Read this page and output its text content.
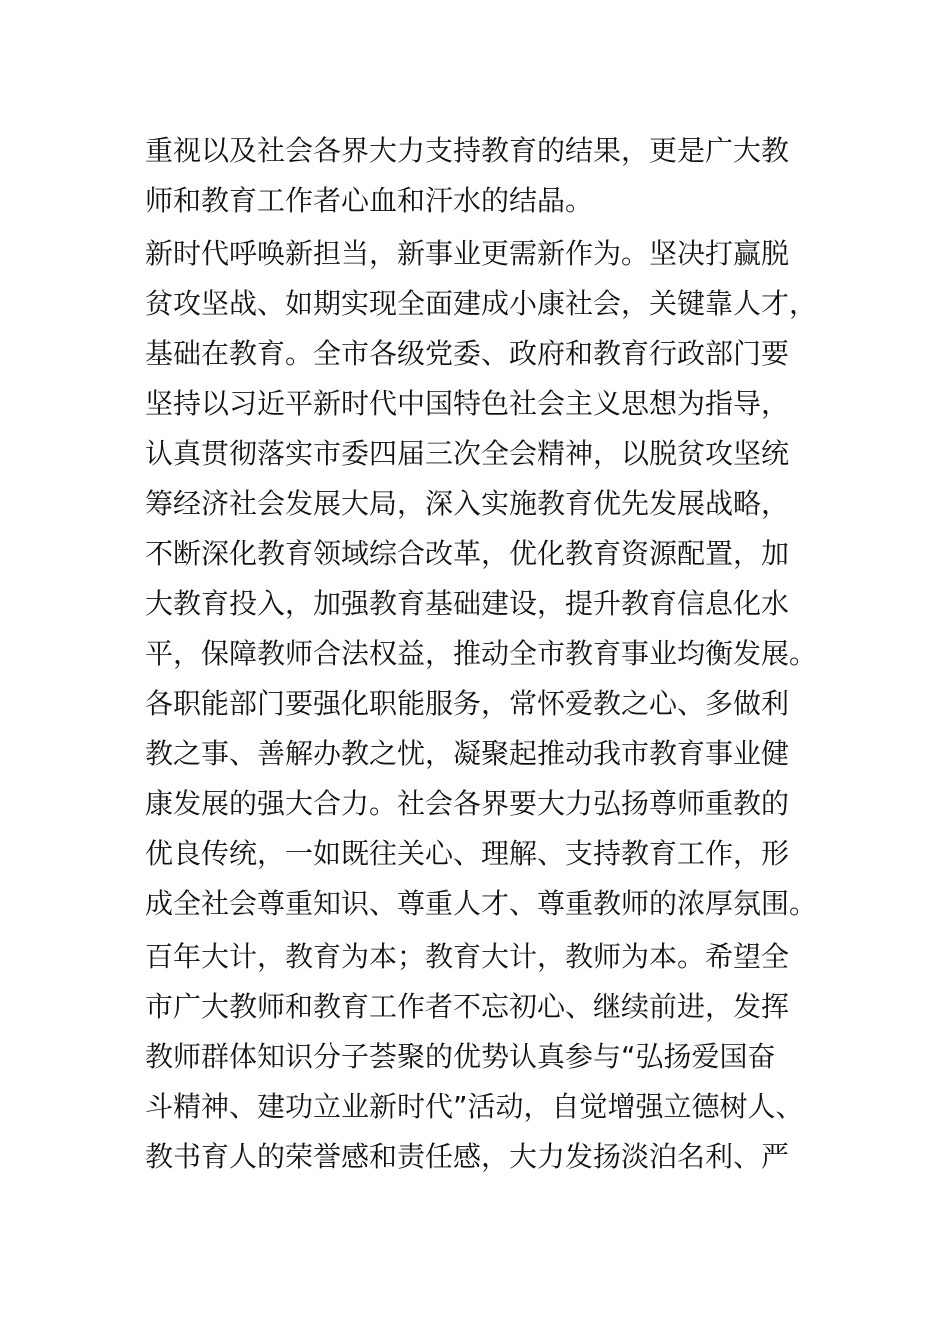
重视以及社会各界大力支持教育的结果，更是广大教
师和教育工作者心血和汗水的结晶。
新时代呼唤新担当，新事业更需新作为。坚决打赢脱
贫攻坚战、如期实现全面建成小康社会，关键靠人才，
基础在教育。全市各级党委、政府和教育行政部门要
坚持以习近平新时代中国特色社会主义思想为指导，
认真贯彻落实市委四届三次全会精神，以脱贫攻坚统
筹经济社会发展大局，深入实施教育优先发展战略，
不断深化教育领域综合改革，优化教育资源配置，加
大教育投入，加强教育基础建设，提升教育信息化水
平，保障教师合法权益，推动全市教育事业均衡发展。
各职能部门要强化职能服务，常怀爱教之心、多做利
教之事、善解办教之忧，凝聚起推动我市教育事业健
康发展的强大合力。社会各界要大力弘扬尊师重教的
优良传统，一如既往关心、理解、支持教育工作，形
成全社会尊重知识、尊重人才、尊重教师的浓厚氛围。
百年大计，教育为本；教育大计，教师为本。希望全
市广大教师和教育工作者不忘初心、继续前进，发挥
教师群体知识分子荟聚的优势认真参与“弘扬爱国奋
斗精神、建功立业新时代”活动，自觉增强立德树人、
教书育人的荣誉感和责任感，大力发扬淡泊名利、严
